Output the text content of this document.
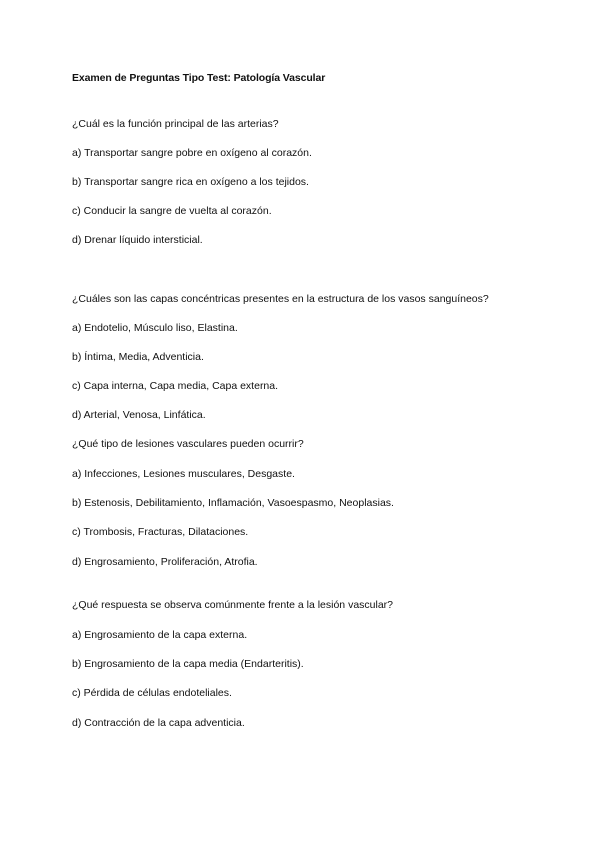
Examen de Preguntas Tipo Test: Patología Vascular
¿Cuál es la función principal de las arterias?
a) Transportar sangre pobre en oxígeno al corazón.
b) Transportar sangre rica en oxígeno a los tejidos.
c) Conducir la sangre de vuelta al corazón.
d) Drenar líquido intersticial.
¿Cuáles son las capas concéntricas presentes en la estructura de los vasos sanguíneos?
a) Endotelio, Músculo liso, Elastina.
b) Íntima, Media, Adventicia.
c) Capa interna, Capa media, Capa externa.
d) Arterial, Venosa, Linfática.
¿Qué tipo de lesiones vasculares pueden ocurrir?
a) Infecciones, Lesiones musculares, Desgaste.
b) Estenosis, Debilitamiento, Inflamación, Vasoespasmo, Neoplasias.
c) Trombosis, Fracturas, Dilataciones.
d) Engrosamiento, Proliferación, Atrofia.
¿Qué respuesta se observa comúnmente frente a la lesión vascular?
a) Engrosamiento de la capa externa.
b) Engrosamiento de la capa media (Endarteritis).
c) Pérdida de células endoteliales.
d) Contracción de la capa adventicia.
